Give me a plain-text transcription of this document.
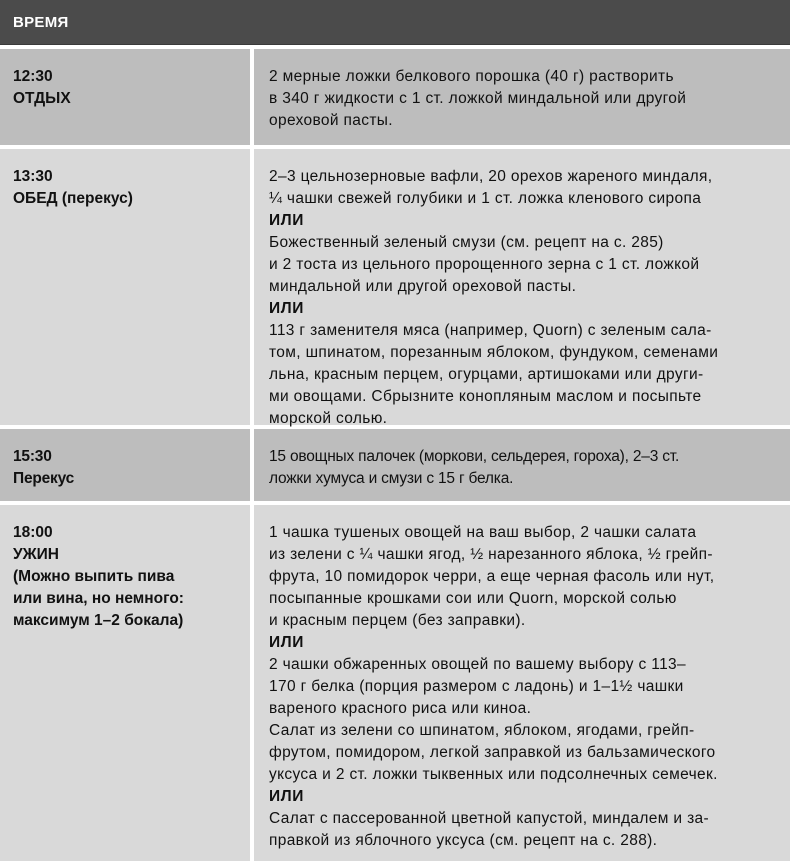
ВРЕМЯ
12:30
ОТДЫХ
2 мерные ложки белкового порошка (40 г) растворить
в 340 г жидкости с 1 ст. ложкой миндальной или другой
ореховой пасты.
13:30
ОБЕД (перекус)
2–3 цельнозерновые вафли, 20 орехов жареного миндаля,
¼ чашки свежей голубики и 1 ст. ложка кленового сиропа
ИЛИ
Божественный зеленый смузи (см. рецепт на с. 285)
и 2 тоста из цельного пророщенного зерна с 1 ст. ложкой
миндальной или другой ореховой пасты.
ИЛИ
113 г заменителя мяса (например, Quorn) с зеленым сала-
том, шпинатом, порезанным яблоком, фундуком, семенами
льна, красным перцем, огурцами, артишоками или други-
ми овощами. Сбрызните конопляным маслом и посыпьте
морской солью.
15:30
Перекус
15 овощных палочек (моркови, сельдерея, гороха), 2–3 ст.
ложки хумуса и смузи с 15 г белка.
18:00
УЖИН
(Можно выпить пива
или вина, но немного:
максимум 1–2 бокала)
1 чашка тушеных овощей на ваш выбор, 2 чашки салата
из зелени с ¼ чашки ягод, ½ нарезанного яблока, ½ грейп-
фрута, 10 помидорок черри, а еще черная фасоль или нут,
посыпанные крошками сои или Quorn, морской солью
и красным перцем (без заправки).
ИЛИ
2 чашки обжаренных овощей по вашему выбору с 113–
170 г белка (порция размером с ладонь) и 1–1½ чашки
вареного красного риса или киноа.
Салат из зелени со шпинатом, яблоком, ягодами, грейп-
фрутом, помидором, легкой заправкой из бальзамического
уксуса и 2 ст. ложки тыквенных или подсолнечных семечек.
ИЛИ
Салат с пассерованной цветной капустой, миндалем и за-
правкой из яблочного уксуса (см. рецепт на с. 288).
